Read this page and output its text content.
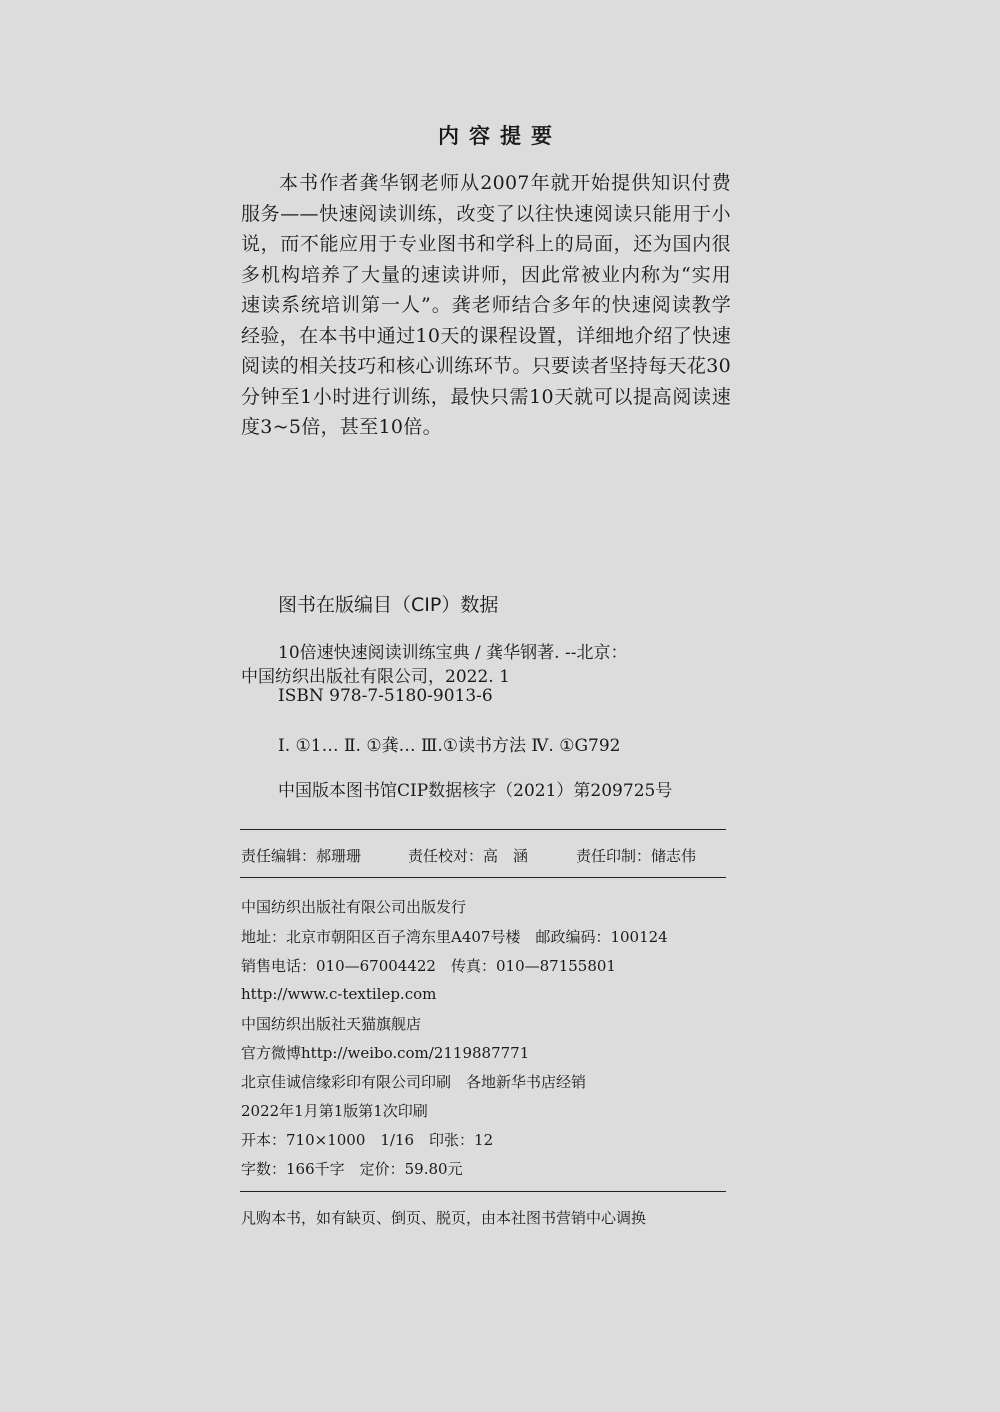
内容提要
本书作者龚华钢老师从2007年就开始提供知识付费服务——快速阅读训练，改变了以往快速阅读只能用于小说，而不能应用于专业图书和学科上的局面，还为国内很多机构培养了大量的速读讲师，因此常被业内称为“实用速读系统培训第一人”。龚老师结合多年的快速阅读教学经验，在本书中通过10天的课程设置，详细地介绍了快速阅读的相关技巧和核心训练环节。只要读者坚持每天花30分钟至1小时进行训练，最快只需10天就可以提高阅读速度3~5倍，甚至10倍。
图书在版编目（CIP）数据
10倍速快速阅读训练宝典 / 龚华钢著. --北京：
中国纺织出版社有限公司，2022. 1
ISBN 978-7-5180-9013-6
Ⅰ. ①1… Ⅱ. ①龚… Ⅲ.①读书方法 Ⅳ. ①G792
中国版本图书馆CIP数据核字（2021）第209725号
责任编辑：郝珊珊	责任校对：高　涵	责任印制：储志伟
中国纺织出版社有限公司出版发行
地址：北京市朝阳区百子湾东里A407号楼　邮政编码：100124
销售电话：010—67004422　传真：010—87155801
http://www.c-textilep.com
中国纺织出版社天猫旗舰店
官方微博http://weibo.com/2119887771
北京佳诚信缘彩印有限公司印刷　各地新华书店经销
2022年1月第1版第1次印刷
开本：710×1000　1/16　印张：12
字数：166千字　定价：59.80元
凡购本书，如有缺页、倒页、脱页，由本社图书营销中心调换
